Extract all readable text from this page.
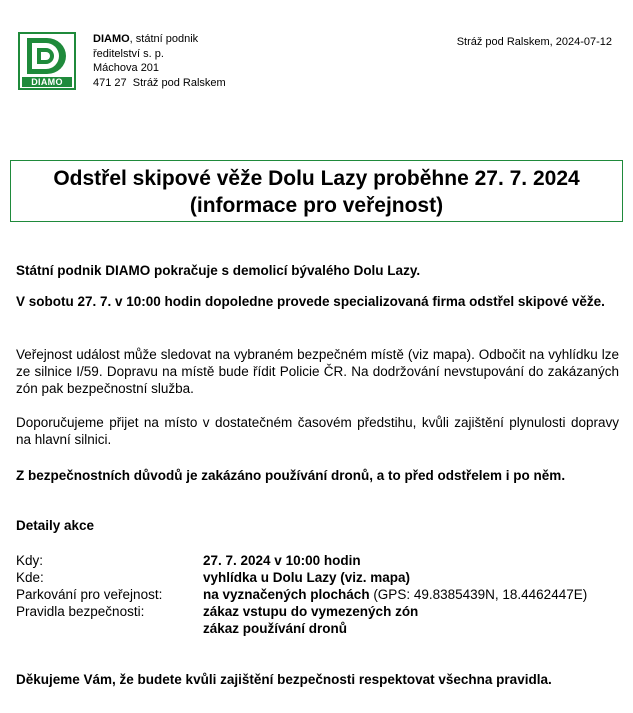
DIAMO
DIAMO, státní podnik
ředitelství s. p.
Máchova 201
471 27  Stráž pod Ralskem
Stráž pod Ralskem, 2024-07-12
Odstřel skipové věže Dolu Lazy proběhne 27. 7. 2024
(informace pro veřejnost)

Státní podnik DIAMO pokračuje s demolicí bývalého Dolu Lazy.

V sobotu 27. 7. v 10:00 hodin dopoledne provede specializovaná firma odstřel skipové věže.

Veřejnost událost může sledovat na vybraném bezpečném místě (viz mapa). Odbočit na vyhlídku lze ze silnice I/59. Dopravu na místě bude řídit Policie ČR. Na dodržování nevstupování do zakázaných zón pak bezpečnostní služba.

Doporučujeme přijet na místo v dostatečném časovém předstihu, kvůli zajištění plynulosti dopravy na hlavní silnici.

Z bezpečnostních důvodů je zakázáno používání dronů, a to před odstřelem i po něm.

Detaily akce
Kdy:	27. 7. 2024 v 10:00 hodin
Kde:	vyhlídka u Dolu Lazy (viz. mapa)
Parkování pro veřejnost:	na vyznačených plochách (GPS: 49.8385439N, 18.4462447E)
Pravidla bezpečnosti:	zákaz vstupu do vymezených zón
zákaz používání dronů
Děkujeme Vám, že budete kvůli zajištění bezpečnosti respektovat všechna pravidla.
